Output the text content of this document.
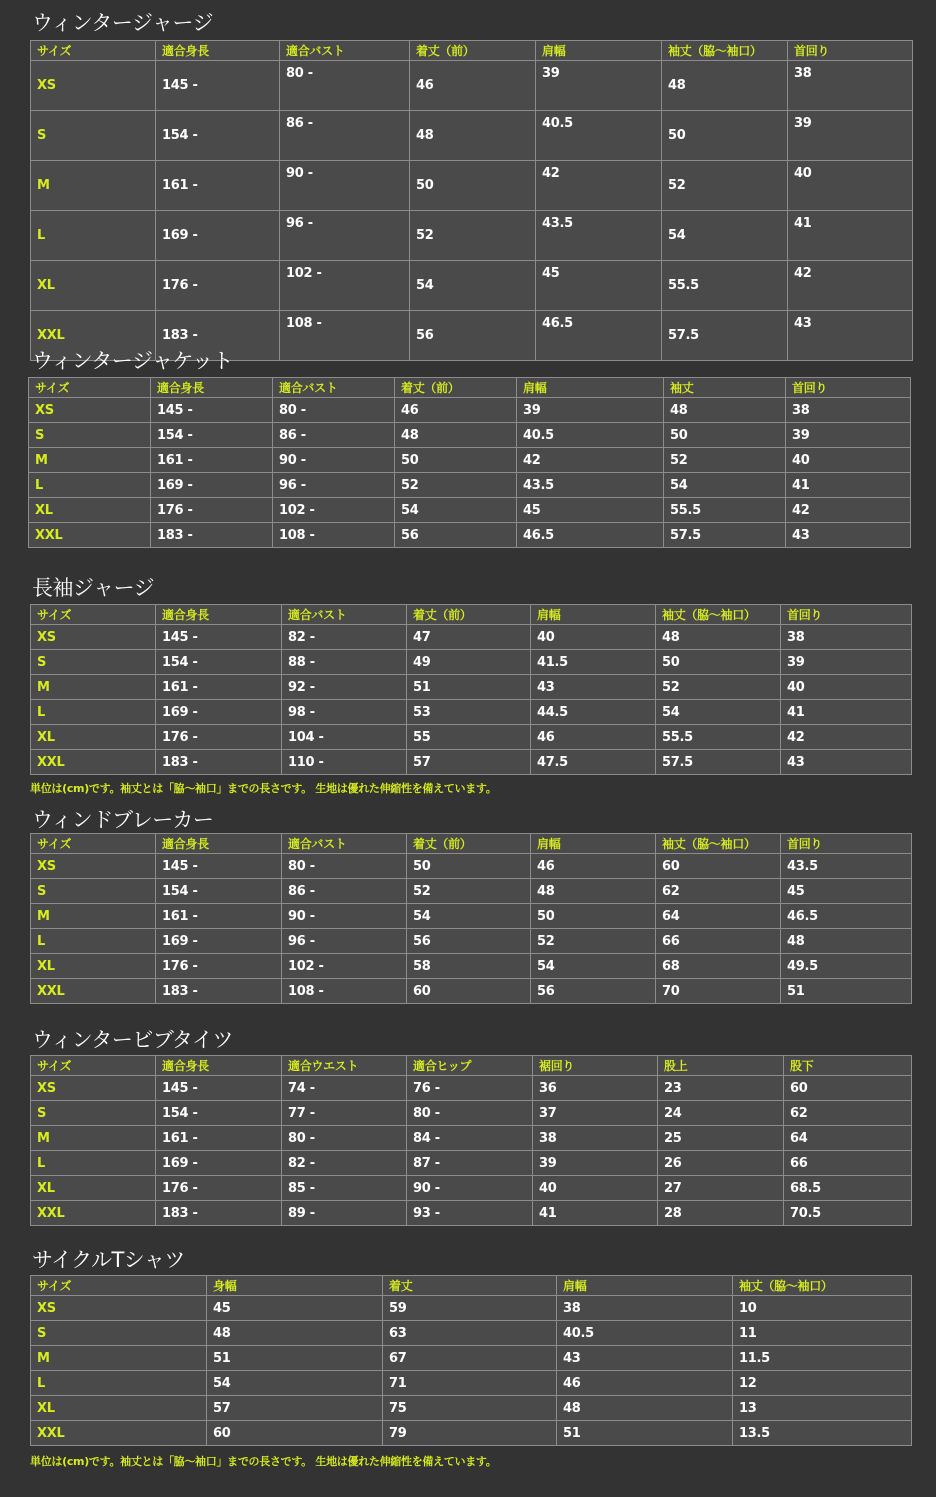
ウィンタージャージ
サイズ	適合身長	適合バスト	着丈（前）	肩幅	袖丈（脇〜袖口）	首回り
XS	145 -	80 -	46	39	48	38
S	154 -	86 -	48	40.5	50	39
M	161 -	90 -	50	42	52	40
L	169 -	96 -	52	43.5	54	41
XL	176 -	102 -	54	45	55.5	42
XXL	183 -	108 -	56	46.5	57.5	43
ウィンタージャケット
サイズ	適合身長	適合バスト	着丈（前）	肩幅	袖丈	首回り
XS	145 -	80 -	46	39	48	38
S	154 -	86 -	48	40.5	50	39
M	161 -	90 -	50	42	52	40
L	169 -	96 -	52	43.5	54	41
XL	176 -	102 -	54	45	55.5	42
XXL	183 -	108 -	56	46.5	57.5	43
長袖ジャージ
サイズ	適合身長	適合バスト	着丈（前）	肩幅	袖丈（脇〜袖口）	首回り
XS	145 -	82 -	47	40	48	38
S	154 -	88 -	49	41.5	50	39
M	161 -	92 -	51	43	52	40
L	169 -	98 -	53	44.5	54	41
XL	176 -	104 -	55	46	55.5	42
XXL	183 -	110 -	57	47.5	57.5	43
単位は(cm)です。袖丈とは「脇〜袖口」までの長さです。 生地は優れた伸縮性を備えています。
ウィンドブレーカー
サイズ	適合身長	適合バスト	着丈（前）	肩幅	袖丈（脇〜袖口）	首回り
XS	145 -	80 -	50	46	60	43.5
S	154 -	86 -	52	48	62	45
M	161 -	90 -	54	50	64	46.5
L	169 -	96 -	56	52	66	48
XL	176 -	102 -	58	54	68	49.5
XXL	183 -	108 -	60	56	70	51
ウィンタービブタイツ
サイズ	適合身長	適合ウエスト	適合ヒップ	裾回り	股上	股下
XS	145 -	74 -	76 -	36	23	60
S	154 -	77 -	80 -	37	24	62
M	161 -	80 -	84 -	38	25	64
L	169 -	82 -	87 -	39	26	66
XL	176 -	85 -	90 -	40	27	68.5
XXL	183 -	89 -	93 -	41	28	70.5
サイクルTシャツ
サイズ	身幅	着丈	肩幅	袖丈（脇〜袖口）
XS	45	59	38	10
S	48	63	40.5	11
M	51	67	43	11.5
L	54	71	46	12
XL	57	75	48	13
XXL	60	79	51	13.5
単位は(cm)です。袖丈とは「脇〜袖口」までの長さです。 生地は優れた伸縮性を備えています。
